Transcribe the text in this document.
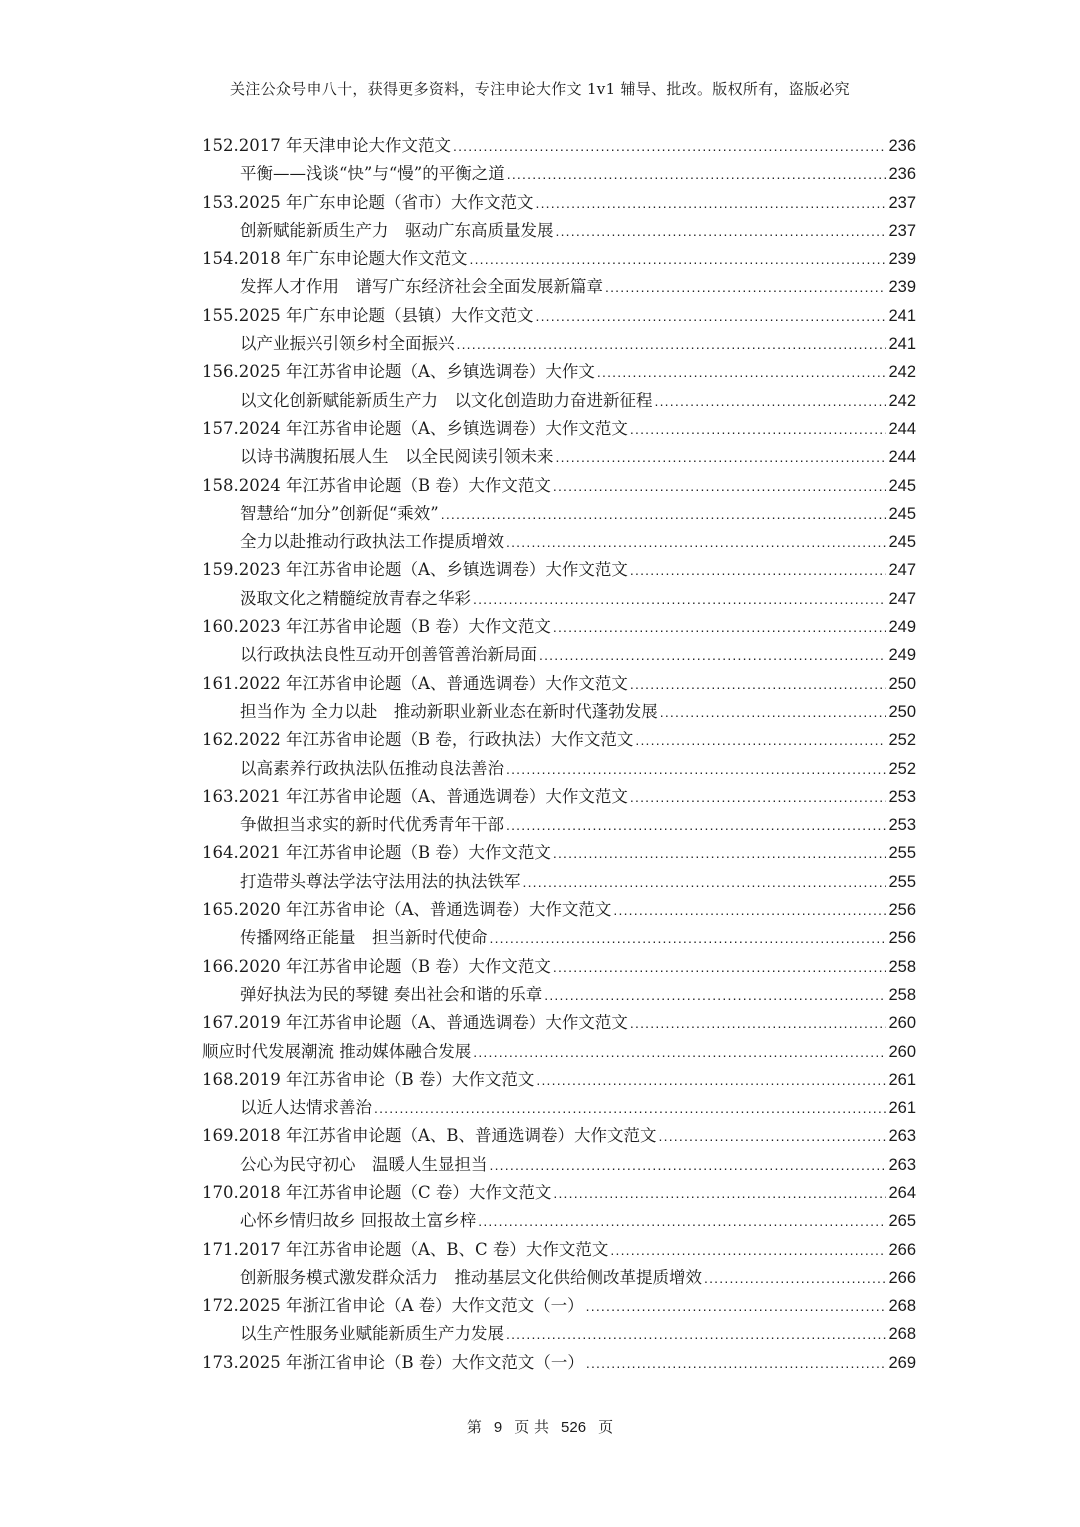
关注公众号申八十，获得更多资料，专注申论大作文 1v1 辅导、批改。版权所有，盗版必究
152.2017 年天津申论大作文范文 .....	236
平衡——浅谈“快”与“慢”的平衡之道 .....	236
153.2025 年广东申论题（省市）大作文范文 .....	237
创新赋能新质生产力　驱动广东高质量发展 .....	237
154.2018 年广东申论题大作文范文 .....	239
发挥人才作用　谱写广东经济社会全面发展新篇章 .....	239
155.2025 年广东申论题（县镇）大作文范文 .....	241
以产业振兴引领乡村全面振兴 .....	241
156.2025 年江苏省申论题（A、乡镇选调卷）大作文 .....	242
以文化创新赋能新质生产力　以文化创造助力奋进新征程 .....	242
157.2024 年江苏省申论题（A、乡镇选调卷）大作文范文 .....	244
以诗书满腹拓展人生　以全民阅读引领未来 .....	244
158.2024 年江苏省申论题（B 卷）大作文范文 .....	245
智慧给“加分”创新促“乘效” .....	245
全力以赴推动行政执法工作提质增效 .....	245
159.2023 年江苏省申论题（A、乡镇选调卷）大作文范文 .....	247
汲取文化之精髓绽放青春之华彩 .....	247
160.2023 年江苏省申论题（B 卷）大作文范文 .....	249
以行政执法良性互动开创善管善治新局面 .....	249
161.2022 年江苏省申论题（A、普通选调卷）大作文范文 .....	250
担当作为 全力以赴　推动新职业新业态在新时代蓬勃发展 .....	250
162.2022 年江苏省申论题（B 卷，行政执法）大作文范文 .....	252
以高素养行政执法队伍推动良法善治 .....	252
163.2021 年江苏省申论题（A、普通选调卷）大作文范文 .....	253
争做担当求实的新时代优秀青年干部 .....	253
164.2021 年江苏省申论题（B 卷）大作文范文 .....	255
打造带头尊法学法守法用法的执法铁军 .....	255
165.2020 年江苏省申论（A、普通选调卷）大作文范文 .....	256
传播网络正能量　担当新时代使命 .....	256
166.2020 年江苏省申论题（B 卷）大作文范文 .....	258
弹好执法为民的琴键 奏出社会和谐的乐章 .....	258
167.2019 年江苏省申论题（A、普通选调卷）大作文范文 .....	260
顺应时代发展潮流 推动媒体融合发展 .....	260
168.2019 年江苏省申论（B 卷）大作文范文 .....	261
以近人达情求善治 .....	261
169.2018 年江苏省申论题（A、B、普通选调卷）大作文范文 .....	263
公心为民守初心　温暖人生显担当 .....	263
170.2018 年江苏省申论题（C 卷）大作文范文 .....	264
心怀乡情归故乡 回报故土富乡梓 .....	265
171.2017 年江苏省申论题（A、B、C 卷）大作文范文 .....	266
创新服务模式激发群众活力　推动基层文化供给侧改革提质增效 .....	266
172.2025 年浙江省申论（A 卷）大作文范文（一） .....	268
以生产性服务业赋能新质生产力发展 .....	268
173.2025 年浙江省申论（B 卷）大作文范文（一） .....	269
第 9 页 共 526 页
